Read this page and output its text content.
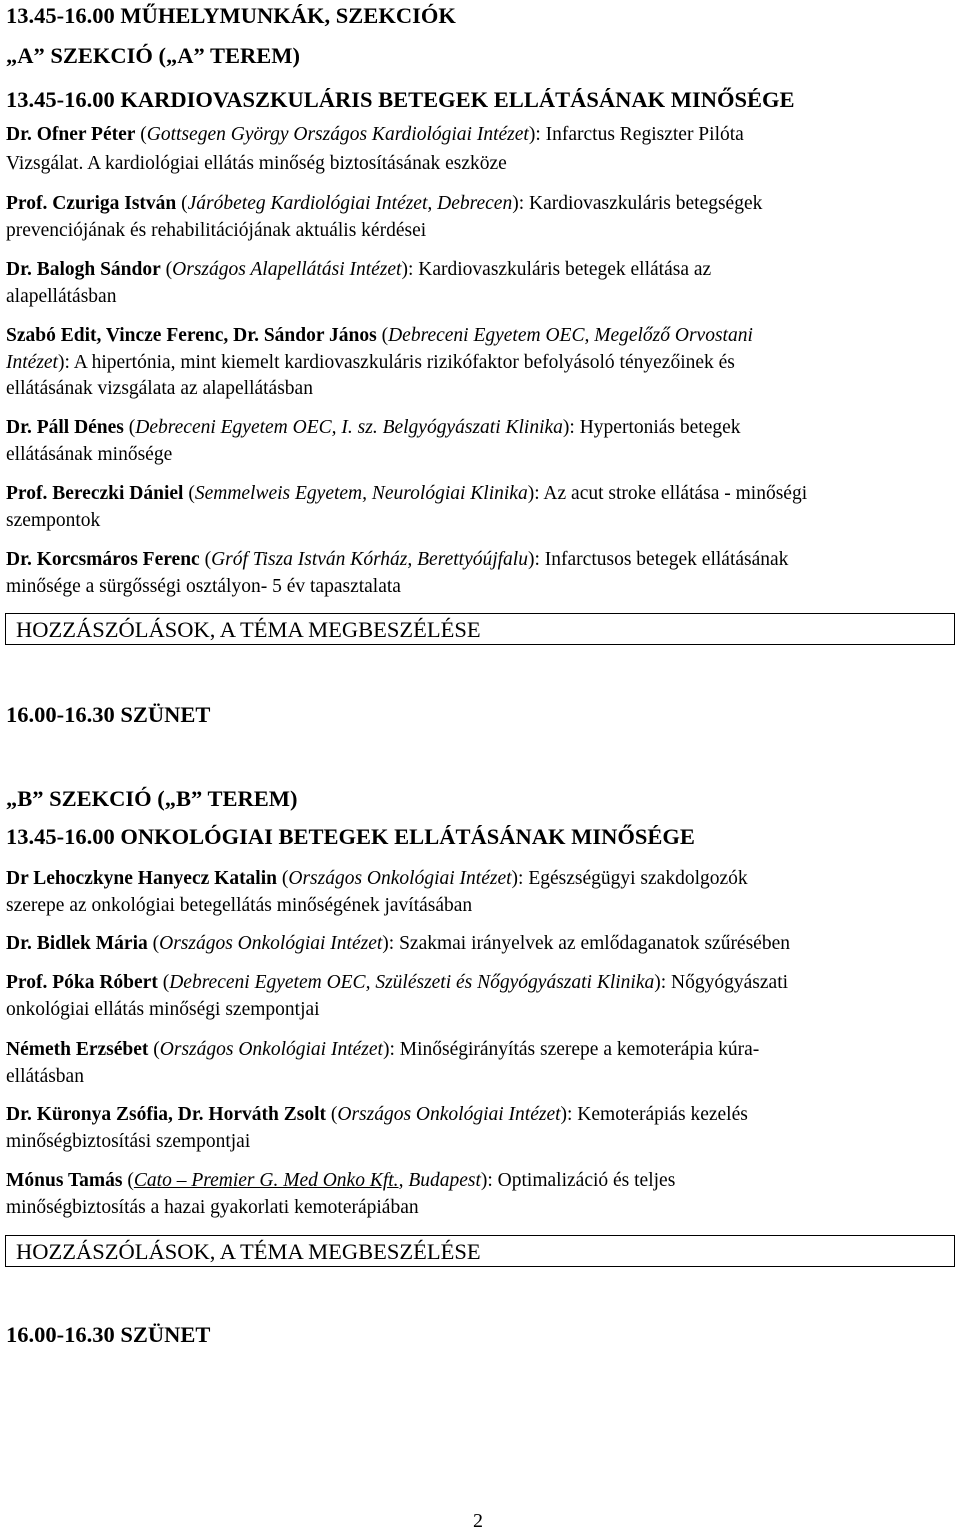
13.45-16.00 MŰHELYMUNKÁK, SZEKCIÓK
„A” SZEKCIÓ („A” TEREM)
13.45-16.00 KARDIOVASZKULÁRIS BETEGEK ELLÁTÁSÁNAK MINŐSÉGE
Dr. Ofner Péter (Gottsegen György Országos Kardiológiai Intézet): Infarctus Regiszter Pilóta
Vizsgálat. A kardiológiai ellátás minőség biztosításának eszköze
Prof. Czuriga István (Járóbeteg Kardiológiai Intézet, Debrecen): Kardiovaszkuláris betegségek
prevenciójának és rehabilitációjának aktuális kérdései
Dr. Balogh Sándor (Országos Alapellátási Intézet): Kardiovaszkuláris betegek ellátása az
alapellátásban
Szabó Edit, Vincze Ferenc, Dr. Sándor János (Debreceni Egyetem OEC, Megelőző Orvostani
Intézet): A hipertónia, mint kiemelt kardiovaszkuláris rizikófaktor befolyásoló tényezőinek és
ellátásának vizsgálata az alapellátásban
Dr. Páll Dénes (Debreceni Egyetem OEC, I. sz. Belgyógyászati Klinika): Hypertoniás betegek
ellátásának minősége
Prof. Bereczki Dániel (Semmelweis Egyetem, Neurológiai Klinika): Az acut stroke ellátása - minőségi
szempontok
Dr. Korcsmáros Ferenc (Gróf Tisza István Kórház, Berettyóújfalu): Infarctusos betegek ellátásának
minősége a sürgősségi osztályon- 5 év tapasztalata
HOZZÁSZÓLÁSOK, A TÉMA MEGBESZÉLÉSE
16.00-16.30 SZÜNET
„B” SZEKCIÓ („B” TEREM)
13.45-16.00 ONKOLÓGIAI BETEGEK ELLÁTÁSÁNAK MINŐSÉGE
Dr Lehoczkyne Hanyecz Katalin (Országos Onkológiai Intézet): Egészségügyi szakdolgozók
szerepe az onkológiai betegellátás minőségének javításában
Dr. Bidlek Mária (Országos Onkológiai Intézet): Szakmai irányelvek az emlődaganatok szűrésében
Prof. Póka Róbert (Debreceni Egyetem OEC, Szülészeti és Nőgyógyászati Klinika): Nőgyógyászati
onkológiai ellátás minőségi szempontjai
Németh Erzsébet (Országos Onkológiai Intézet): Minőségirányítás szerepe a kemoterápia kúra-
ellátásban
Dr. Küronya Zsófia, Dr. Horváth Zsolt (Országos Onkológiai Intézet): Kemoterápiás kezelés
minőségbiztosítási szempontjai
Mónus Tamás (Cato – Premier G. Med Onko Kft., Budapest): Optimalizáció és teljes
minőségbiztosítás a hazai gyakorlati kemoterápiában
HOZZÁSZÓLÁSOK, A TÉMA MEGBESZÉLÉSE
16.00-16.30 SZÜNET
2
